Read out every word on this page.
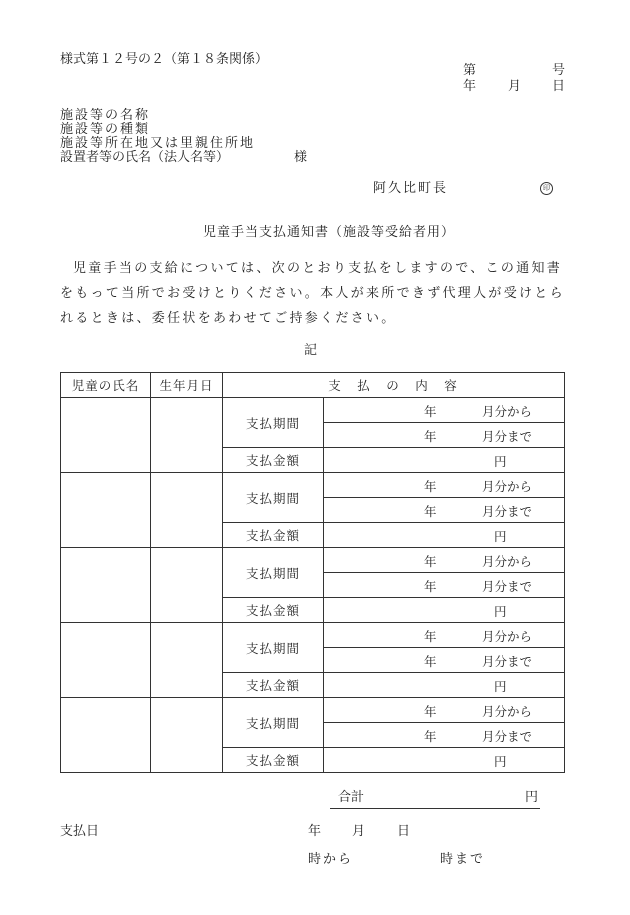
様式第１２号の２（第１８条関係）
第	号
年 月 日
施設等の名称
施設等の種類
施設等所在地又は里親住所地
設置者等の氏名（法人名等）	様
阿久比町長	印
児童手当支払通知書（施設等受給者用）
児童手当の支給については、次のとおり支払をしますので、この通知書をもって当所でお受けとりください。本人が来所できず代理人が受けとられるときは、委任状をあわせてご持参ください。
記
児童の氏名	生年月日	支　払　の　内　容	
		支払期間	年 月分から

			年 月分まで

		支払金額	円

		支払期間	年 月分から

			年 月分まで

		支払金額	円

		支払期間	年 月分から

			年 月分まで

		支払金額	円

		支払期間	年 月分から

			年 月分まで

		支払金額	円

		支払期間	年 月分から

			年 月分まで

		支払金額	円
合計	円
支払日	年 月 日
時から	時まで
